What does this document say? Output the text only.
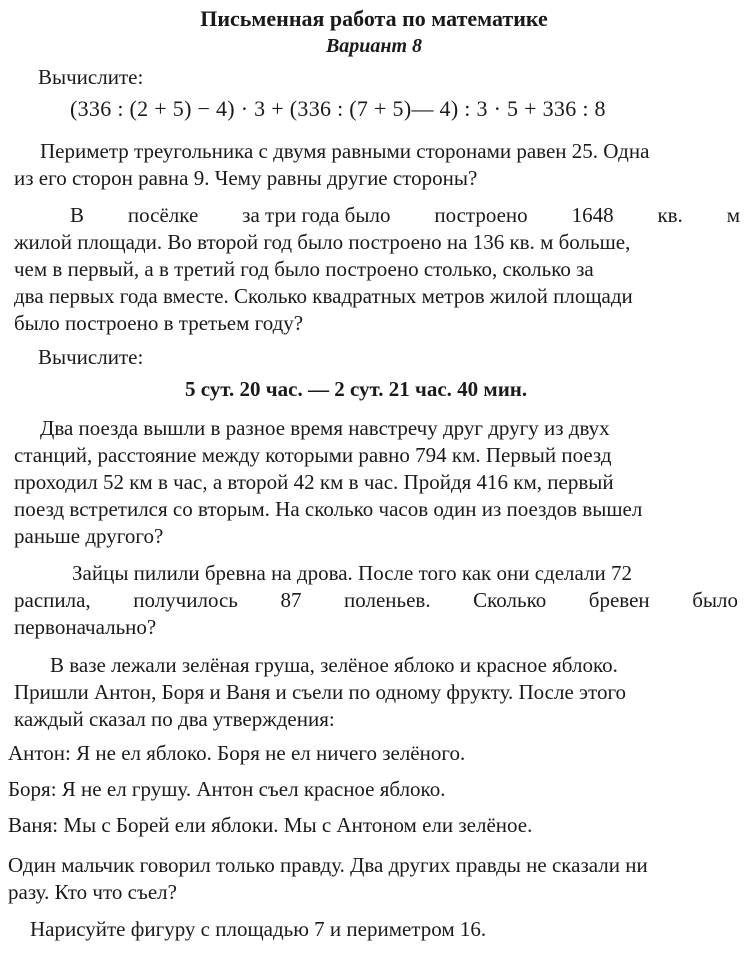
Письменная работа по математике
Вариант 8
Вычислите:
(336 : (2 + 5) − 4) · 3 + (336 : (7 + 5)— 4) : 3 · 5 + 336 : 8
Периметр треугольника с двумя равными сторонами равен 25. Одна
из его сторон равна 9. Чему равны другие стороны?
В посёлке за три года было построено 1648 кв. м
жилой площади. Во второй год было построено на 136 кв. м больше,
чем в первый, а в третий год было построено столько, сколько за
два первых года вместе. Сколько квадратных метров жилой площади
было построено в третьем году?
Вычислите:
5 сут. 20 час. — 2 сут. 21 час. 40 мин.
Два поезда вышли в разное время навстречу друг другу из двух
станций, расстояние между которыми равно 794 км. Первый поезд
проходил 52 км в час, а второй 42 км в час. Пройдя 416 км, первый
поезд встретился со вторым. На сколько часов один из поездов вышел
раньше другого?
Зайцы пилили бревна на дрова. После того как они сделали 72
распила, получилось 87 поленьев. Сколько бревен было
первоначально?
В вазе лежали зелёная груша, зелёное яблоко и красное яблоко.
Пришли Антон, Боря и Ваня и съели по одному фрукту. После этого
каждый сказал по два утверждения:
Антон: Я не ел яблоко. Боря не ел ничего зелёного.
Боря: Я не ел грушу. Антон съел красное яблоко.
Ваня: Мы с Борей ели яблоки. Мы с Антоном ели зелёное.
Один мальчик говорил только правду. Два других правды не сказали ни
разу. Кто что съел?
Нарисуйте фигуру с площадью 7 и периметром 16.
